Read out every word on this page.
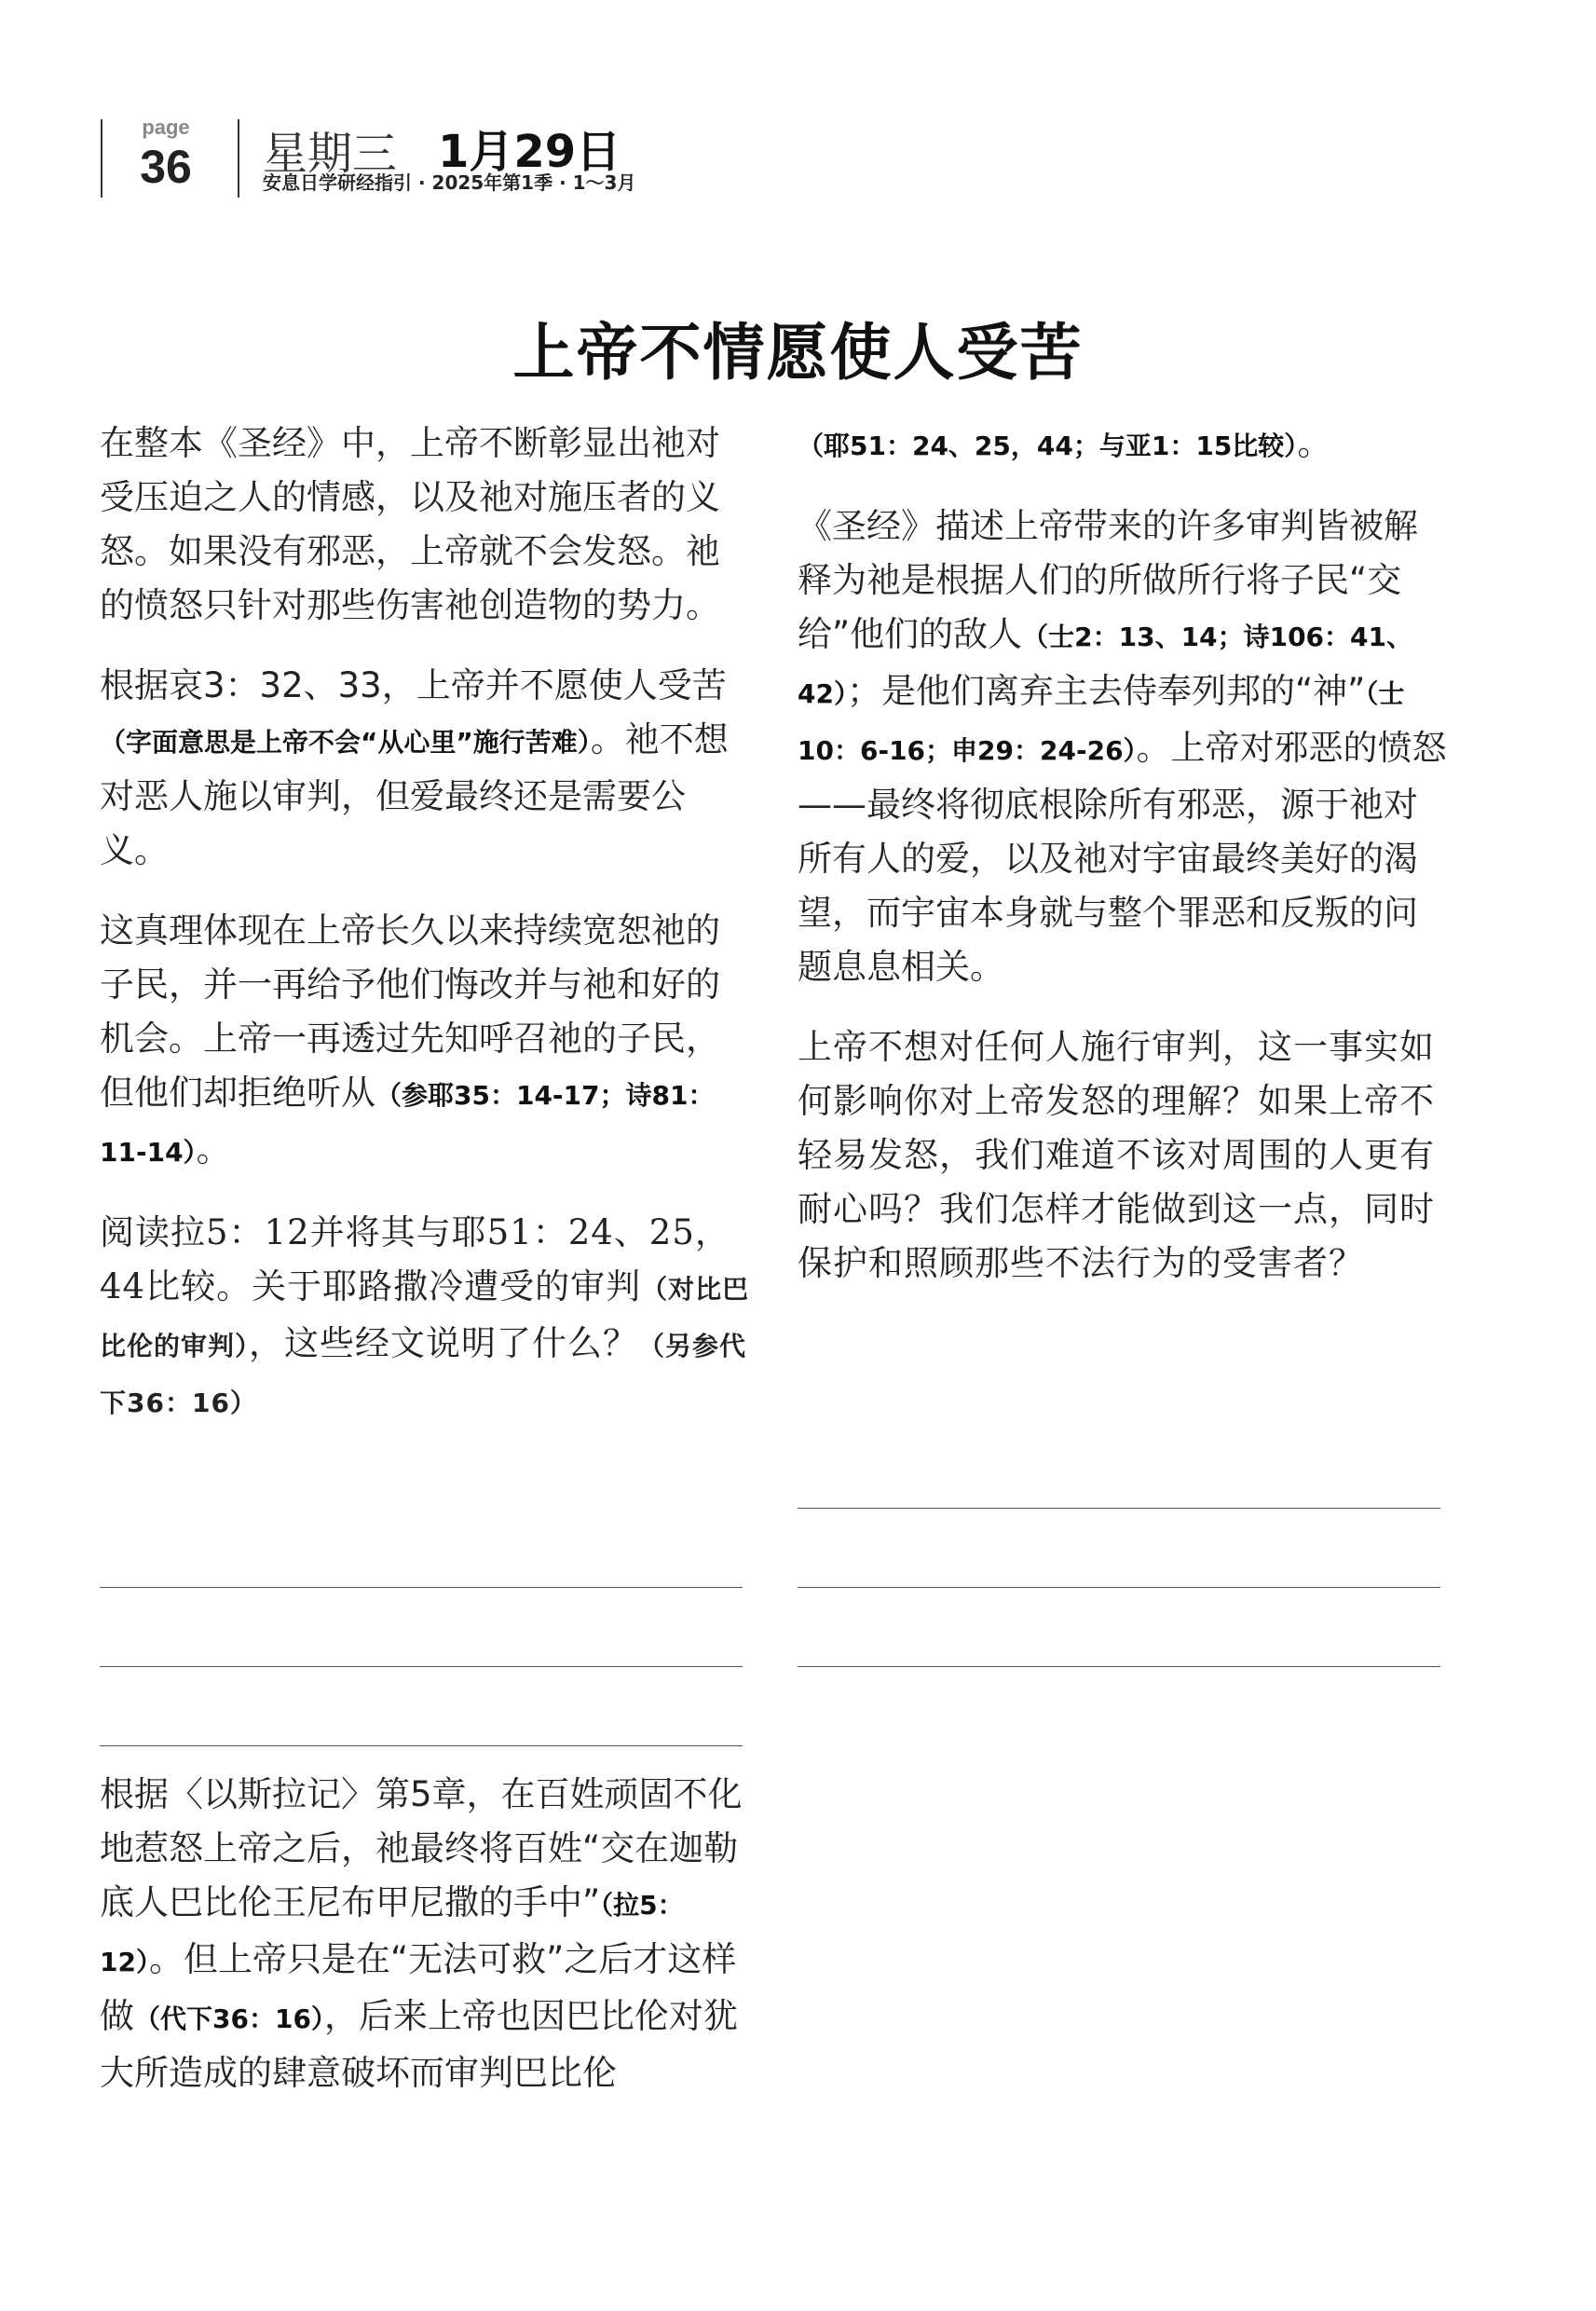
page
36	星期三 1月29日
安息日学研经指引 · 2025年第1季 · 1～3月
上帝不情愿使人受苦

在整本《圣经》中，上帝不断彰显出祂对受压迫之人的情感，以及祂对施压者的义怒。如果没有邪恶，上帝就不会发怒。祂的愤怒只针对那些伤害祂创造物的势力。

根据哀3：32、33，上帝并不愿使人受苦（字面意思是上帝不会“从心里”施行苦难）。祂不想对恶人施以审判，但爱最终还是需要公义。

这真理体现在上帝长久以来持续宽恕祂的子民，并一再给予他们悔改并与祂和好的机会。上帝一再透过先知呼召祂的子民，但他们却拒绝听从（参耶35：14-17；诗81：11-14）。

阅读拉5：12并将其与耶51：24、25，44比较。关于耶路撒冷遭受的审判（对比巴比伦的审判），这些经文说明了什么？（另参代下36：16）

根据〈以斯拉记〉第5章，在百姓顽固不化地惹怒上帝之后，祂最终将百姓“交在迦勒底人巴比伦王尼布甲尼撒的手中”（拉5：12）。但上帝只是在“无法可救”之后才这样做（代下36：16），后来上帝也因巴比伦对犹大所造成的肆意破坏而审判巴比伦

（耶51：24、25，44；与亚1：15比较）。

《圣经》描述上帝带来的许多审判皆被解释为祂是根据人们的所做所行将子民“交给”他们的敌人（士2：13、14；诗106：41、42）；是他们离弃主去侍奉列邦的“神”（士10：6-16；申29：24-26）。上帝对邪恶的愤怒——最终将彻底根除所有邪恶，源于祂对所有人的爱，以及祂对宇宙最终美好的渴望，而宇宙本身就与整个罪恶和反叛的问题息息相关。

上帝不想对任何人施行审判，这一事实如何影响你对上帝发怒的理解？如果上帝不轻易发怒，我们难道不该对周围的人更有耐心吗？我们怎样才能做到这一点，同时保护和照顾那些不法行为的受害者？
